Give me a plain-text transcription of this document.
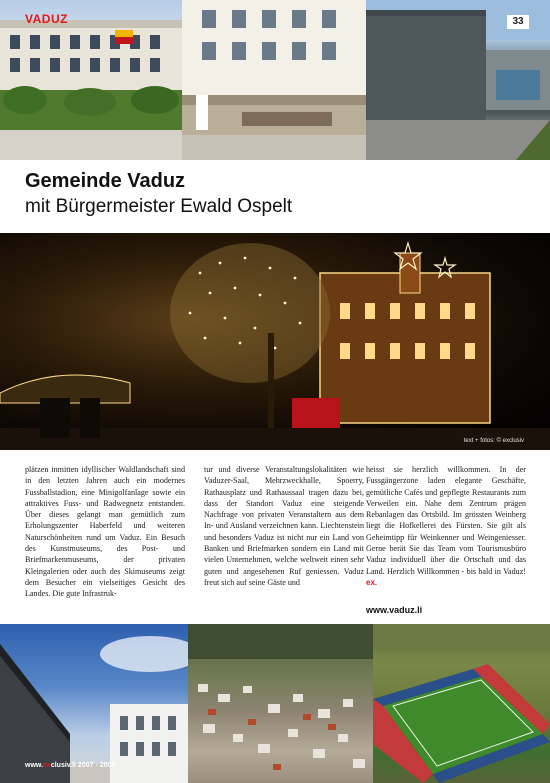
VADUZ	33
Gemeinde Vaduz
mit Bürgermeister Ewald Ospelt
text + fotos: © exclusiv
plätzen inmitten idyllischer Waldlandschaft sind in den letzten Jahren auch ein modernes Fussballstadion, eine Minigolfanlage sowie ein attraktives Fuss- und Radwegnetz entstanden. Über dieses gelangt man gemütlich zum Erholungszenter Haberfeld und weiteren Naturschönheiten rund um Vaduz. Ein Besuch des Kunstmuseums, des Post- und Briefmarkenmuseums, der privaten Kleingalerien oder auch des Skimuseums zeigt dem Besucher ein vielseitiges Gesicht des Landes. Die gute Infrastruk-
tur und diverse Veranstaltungslokalitäten wie Vaduzer-Saal, Mehrzweckhalle, Spoerry, Rathausplatz und Rathaussaal tragen dazu bei, dass der Standort Vaduz eine steigende Nachfrage von privaten Veranstaltern aus dem In- und Ausland verzeichnen kann. Liechtenstein und besonders Vaduz ist nicht nur ein Land von Banken und Briefmarken sondern ein Land mit vielen Unternehmen, welche weltweit einen sehr guten und angesehenen Ruf geniessen. Vaduz freut sich auf seine Gäste und
heisst sie herzlich willkommen. In der Fussgängerzone laden elegante Geschäfte, gemütliche Cafés und gepflegte Restaurants zum Verweilen ein. Nahe dem Zentrum prägen Rebanlagen das Ortsbild. Im grössten Weinberg liegt die Hofkellerei des Fürsten. Sie gilt als Geheimtipp für Weinkenner und Weingeniesser. Gerne berät Sie das Team vom Tourismusbüro Vaduz individuell über die Ortschaft und das Land. Herzlich Willkommen - bis bald in Vaduz! ex.
www.vaduz.li
www.exclusiv.li 2007 - 2008
